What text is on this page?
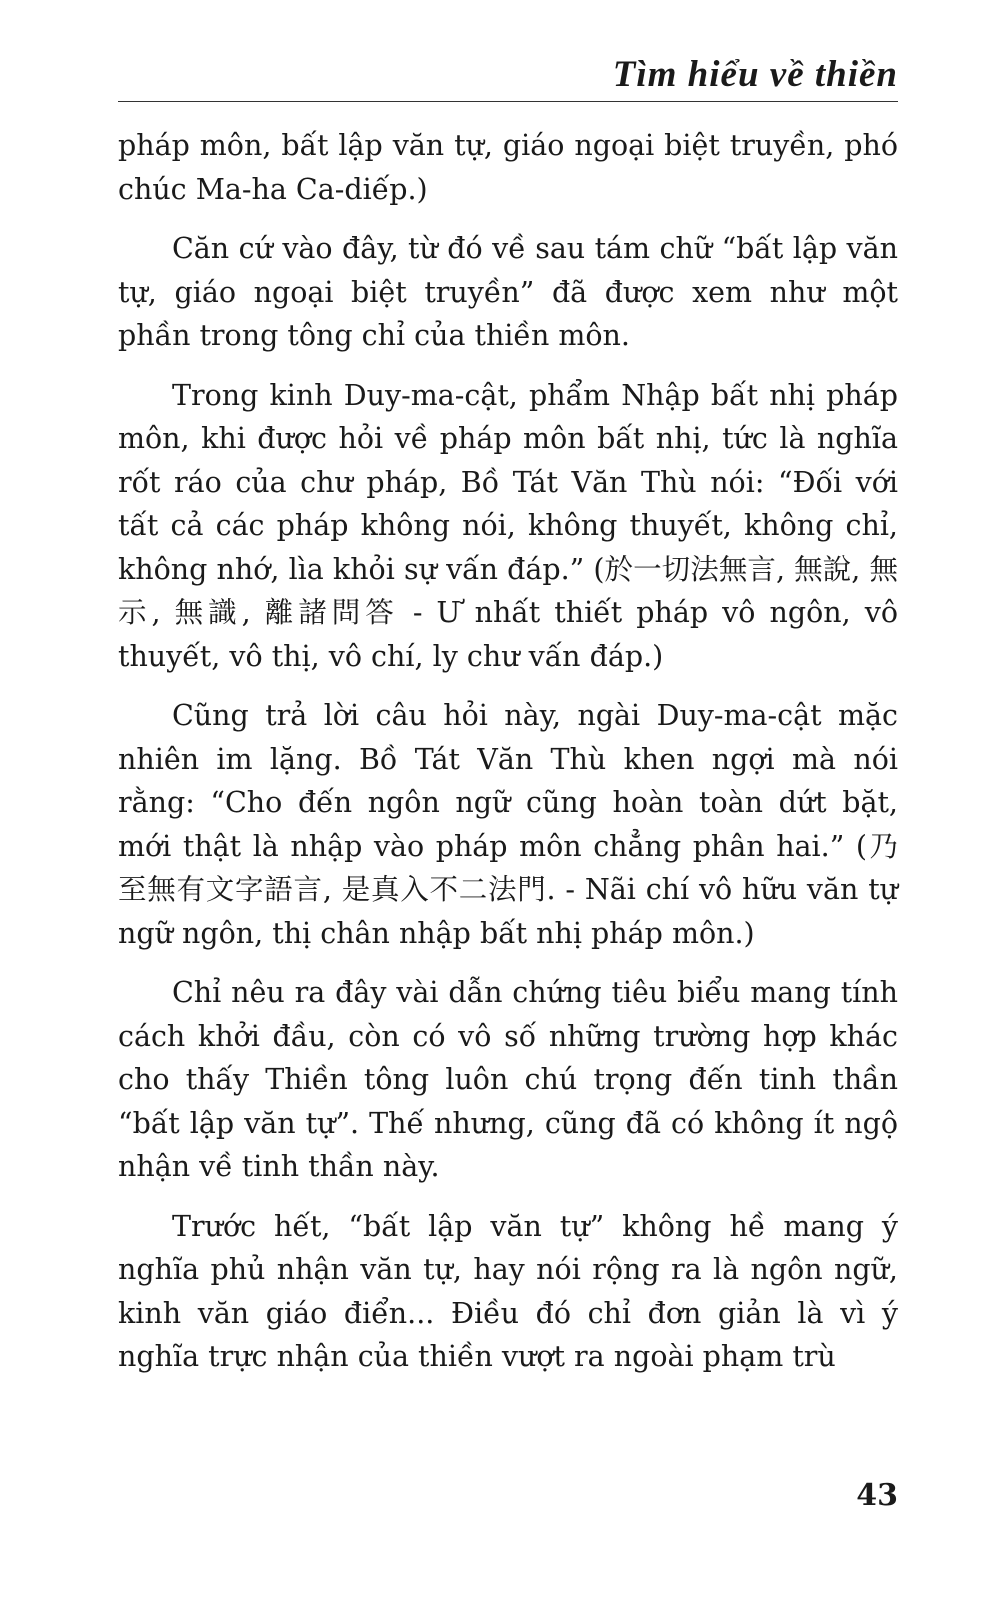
Tìm hiểu về thiền

pháp môn, bất lập văn tự, giáo ngoại biệt truyền, phó chúc Ma-ha Ca-diếp.)

Căn cứ vào đây, từ đó về sau tám chữ “bất lập văn tự, giáo ngoại biệt truyền” đã được xem như một phần trong tông chỉ của thiền môn.

Trong kinh Duy-ma-cật, phẩm Nhập bất nhị pháp môn, khi được hỏi về pháp môn bất nhị, tức là nghĩa rốt ráo của chư pháp, Bồ Tát Văn Thù nói: “Đối với tất cả các pháp không nói, không thuyết, không chỉ, không nhớ, lìa khỏi sự vấn đáp.” (於一切法無言, 無說, 無示, 無識, 離諸問答 - Ư nhất thiết pháp vô ngôn, vô thuyết, vô thị, vô chí, ly chư vấn đáp.)

Cũng trả lời câu hỏi này, ngài Duy-ma-cật mặc nhiên im lặng. Bồ Tát Văn Thù khen ngợi mà nói rằng: “Cho đến ngôn ngữ cũng hoàn toàn dứt bặt, mới thật là nhập vào pháp môn chẳng phân hai.” (乃至無有文字語言, 是真入不二法門. - Nãi chí vô hữu văn tự ngữ ngôn, thị chân nhập bất nhị pháp môn.)

Chỉ nêu ra đây vài dẫn chứng tiêu biểu mang tính cách khởi đầu, còn có vô số những trường hợp khác cho thấy Thiền tông luôn chú trọng đến tinh thần “bất lập văn tự”. Thế nhưng, cũng đã có không ít ngộ nhận về tinh thần này.

Trước hết, “bất lập văn tự” không hề mang ý nghĩa phủ nhận văn tự, hay nói rộng ra là ngôn ngữ, kinh văn giáo điển... Điều đó chỉ đơn giản là vì ý nghĩa trực nhận của thiền vượt ra ngoài phạm trù

43
